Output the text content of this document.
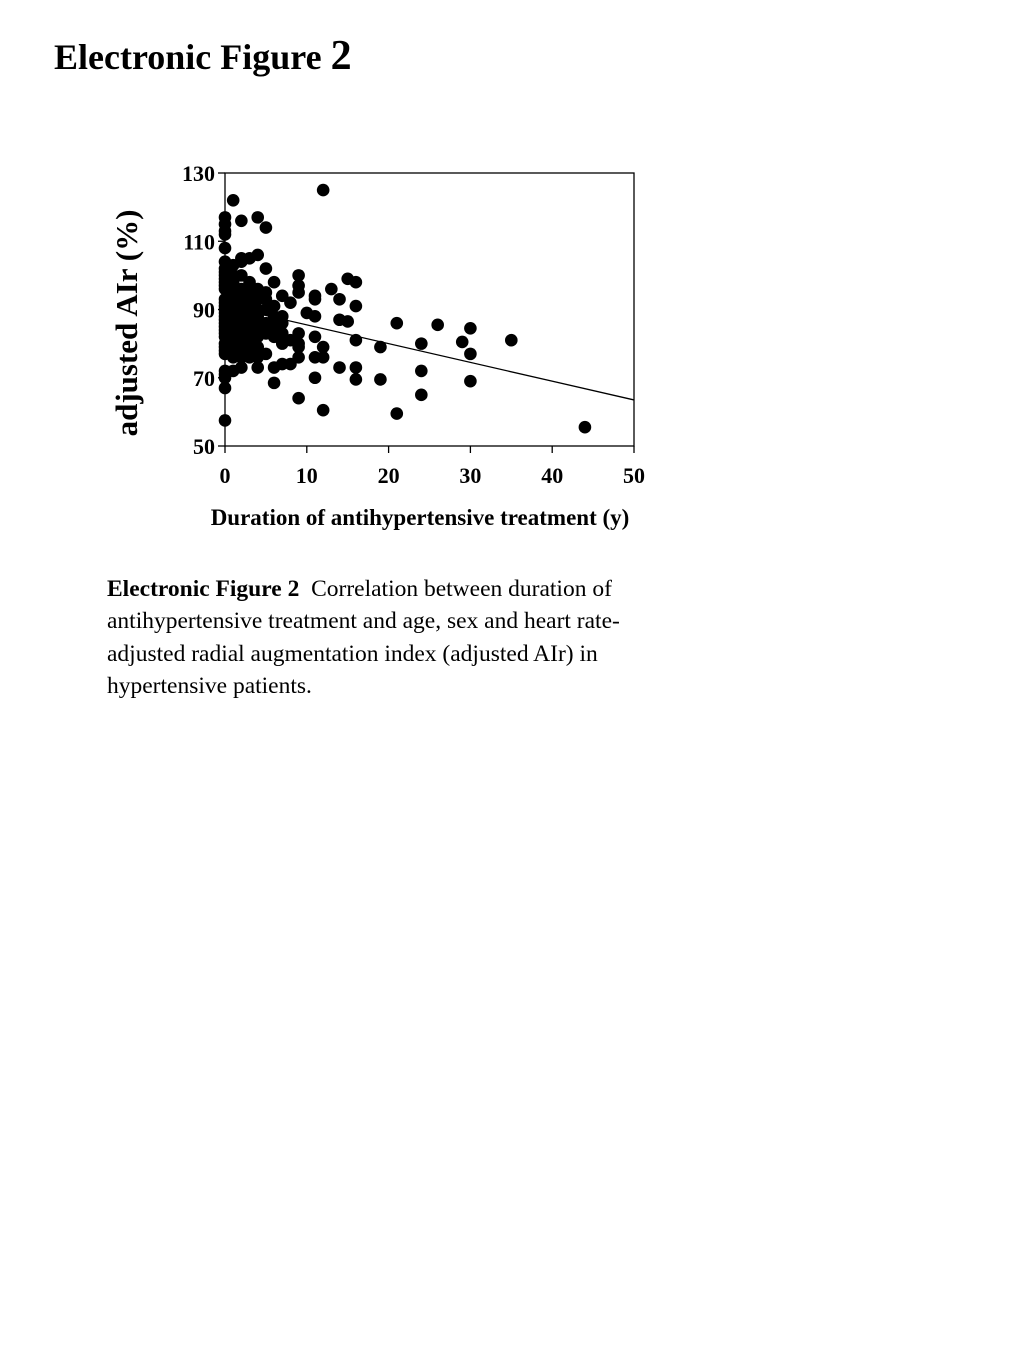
Electronic Figure 2
50
70
90
110
130
0	10	20	30	40	50
Duration of antihypertensive treatment (y)
adjusted AIr (%)
Electronic Figure 2 Correlation between duration of
antihypertensive treatment and age, sex and heart rate-
adjusted radial augmentation index (adjusted AIr) in
hypertensive patients.
